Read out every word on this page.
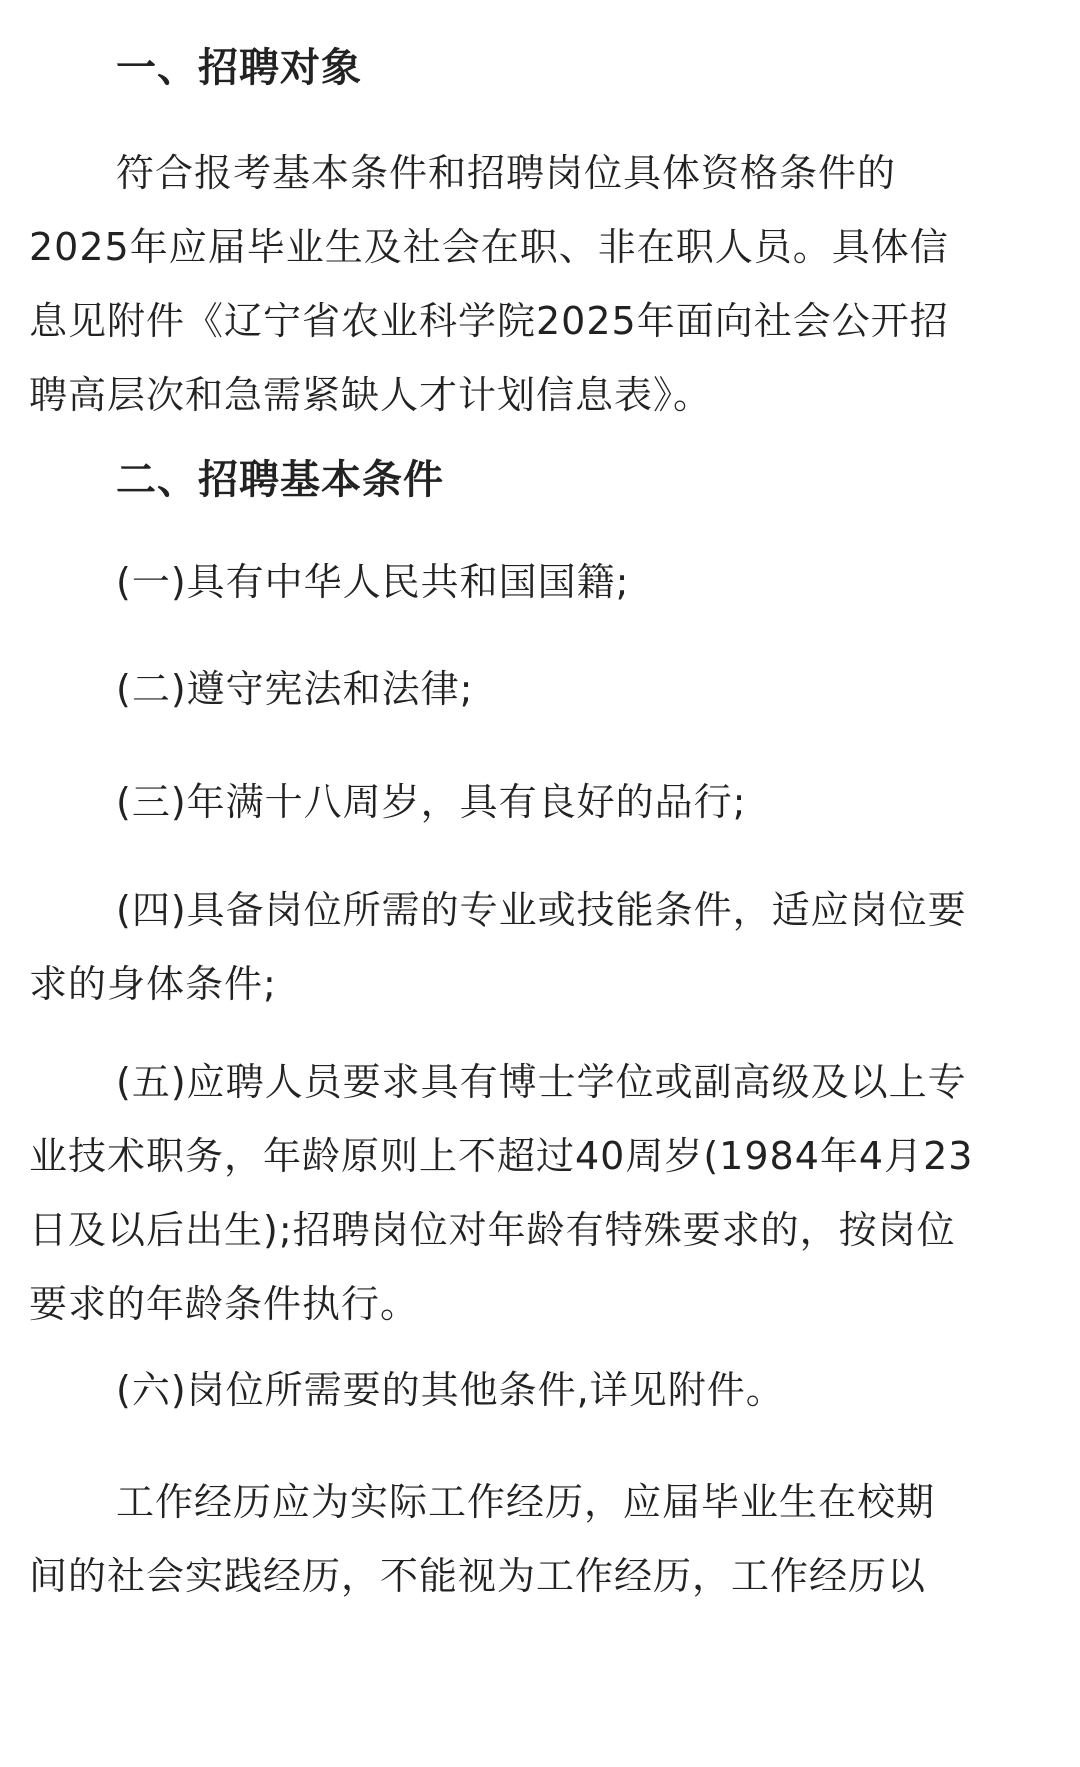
一、招聘对象
符合报考基本条件和招聘岗位具体资格条件的
2025年应届毕业生及社会在职、非在职人员。具体信
息见附件《辽宁省农业科学院2025年面向社会公开招
聘高层次和急需紧缺人才计划信息表》。
二、招聘基本条件
(一)具有中华人民共和国国籍;
(二)遵守宪法和法律;
(三)年满十八周岁，具有良好的品行;
(四)具备岗位所需的专业或技能条件，适应岗位要
求的身体条件;
(五)应聘人员要求具有博士学位或副高级及以上专
业技术职务，年龄原则上不超过40周岁(1984年4月23
日及以后出生);招聘岗位对年龄有特殊要求的，按岗位
要求的年龄条件执行。
(六)岗位所需要的其他条件,详见附件。
工作经历应为实际工作经历，应届毕业生在校期
间的社会实践经历，不能视为工作经历，工作经历以
